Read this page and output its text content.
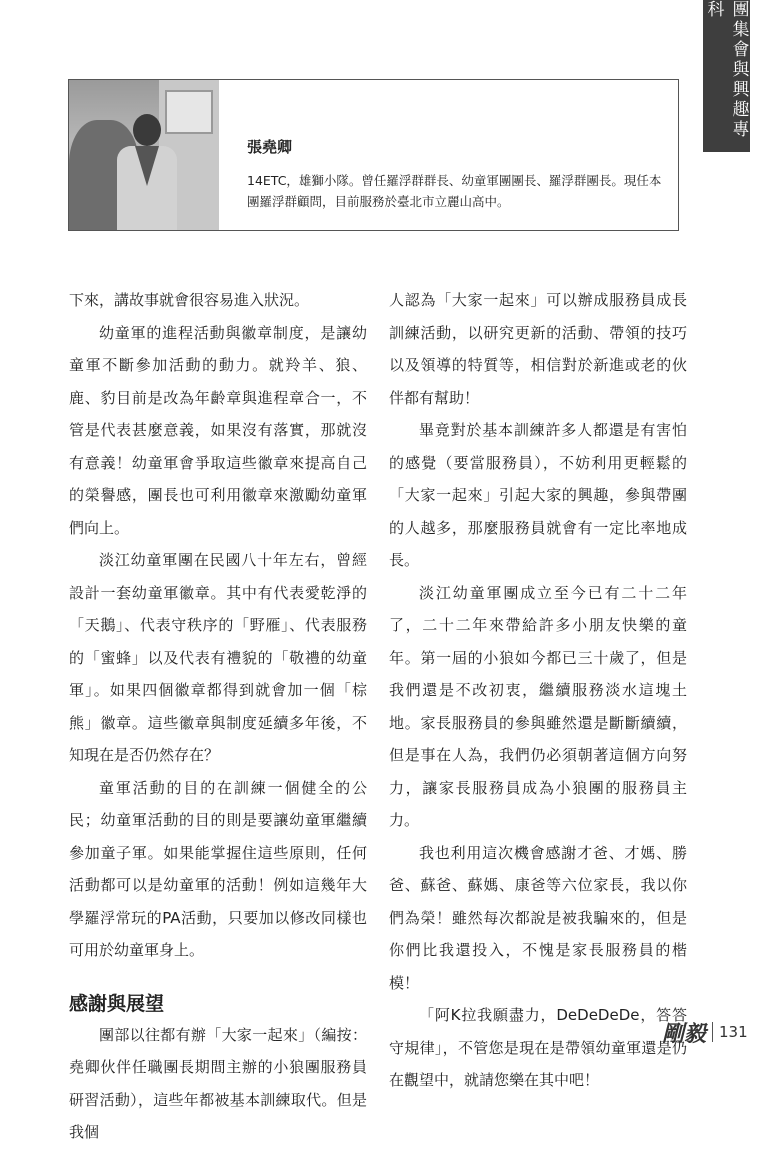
團集會與興趣專科
張堯卿
14ETC，雄獅小隊。曾任羅浮群群長、幼童軍團團長、羅浮群團長。現任本團羅浮群顧問，目前服務於臺北市立麗山高中。

下來，講故事就會很容易進入狀況。

幼童軍的進程活動與徽章制度，是讓幼童軍不斷參加活動的動力。就羚羊、狼、鹿、豹目前是改為年齡章與進程章合一，不管是代表甚麼意義，如果沒有落實，那就沒有意義！幼童軍會爭取這些徽章來提高自己的榮譽感，團長也可利用徽章來激勵幼童軍們向上。

淡江幼童軍團在民國八十年左右，曾經設計一套幼童軍徽章。其中有代表愛乾淨的「天鵝」、代表守秩序的「野雁」、代表服務的「蜜蜂」以及代表有禮貌的「敬禮的幼童軍」。如果四個徽章都得到就會加一個「棕熊」徽章。這些徽章與制度延續多年後，不知現在是否仍然存在？

童軍活動的目的在訓練一個健全的公民；幼童軍活動的目的則是要讓幼童軍繼續參加童子軍。如果能掌握住這些原則，任何活動都可以是幼童軍的活動！例如這幾年大學羅浮常玩的PA活動，只要加以修改同樣也可用於幼童軍身上。

感謝與展望

團部以往都有辦「大家一起來」（編按：堯卿伙伴任職團長期間主辦的小狼團服務員研習活動），這些年都被基本訓練取代。但是我個

人認為「大家一起來」可以辦成服務員成長訓練活動，以研究更新的活動、帶領的技巧以及領導的特質等，相信對於新進或老的伙伴都有幫助！

畢竟對於基本訓練許多人都還是有害怕的感覺（要當服務員），不妨利用更輕鬆的「大家一起來」引起大家的興趣，參與帶團的人越多，那麼服務員就會有一定比率地成長。

淡江幼童軍團成立至今已有二十二年了，二十二年來帶給許多小朋友快樂的童年。第一屆的小狼如今都已三十歲了，但是我們還是不改初衷，繼續服務淡水這塊土地。家長服務員的參與雖然還是斷斷續續，但是事在人為，我們仍必須朝著這個方向努力，讓家長服務員成為小狼團的服務員主力。

我也利用這次機會感謝才爸、才媽、勝爸、蘇爸、蘇媽、康爸等六位家長，我以你們為榮！雖然每次都說是被我騙來的，但是你們比我還投入，不愧是家長服務員的楷模！

「阿K拉我願盡力，DeDeDeDe，答答守規律」，不管您是現在是帶領幼童軍還是仍在觀望中，就請您樂在其中吧！

剛毅 131
